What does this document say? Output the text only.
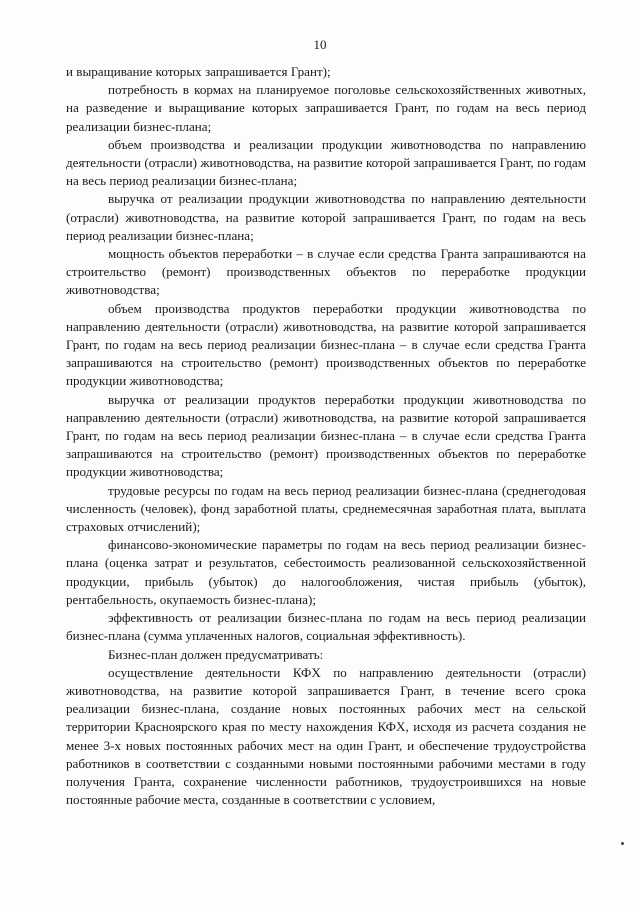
10

и выращивание которых запрашивается Грант);

потребность в кормах на планируемое поголовье сельскохозяйственных животных, на разведение и выращивание которых запрашивается Грант, по годам на весь период реализации бизнес-плана;

объем производства и реализации продукции животноводства по направлению деятельности (отрасли) животноводства, на развитие которой запрашивается Грант, по годам на весь период реализации бизнес-плана;

выручка от реализации продукции животноводства по направлению деятельности (отрасли) животноводства, на развитие которой запрашивается Грант, по годам на весь период реализации бизнес-плана;

мощность объектов переработки – в случае если средства Гранта запрашиваются на строительство (ремонт) производственных объектов по переработке продукции животноводства;

объем производства продуктов переработки продукции животноводства по направлению деятельности (отрасли) животноводства, на развитие которой запрашивается Грант, по годам на весь период реализации бизнес-плана – в случае если средства Гранта запрашиваются на строительство (ремонт) производственных объектов по переработке продукции животноводства;

выручка от реализации продуктов переработки продукции животноводства по направлению деятельности (отрасли) животноводства, на развитие которой запрашивается Грант, по годам на весь период реализации бизнес-плана – в случае если средства Гранта запрашиваются на строительство (ремонт) производственных объектов по переработке продукции животноводства;

трудовые ресурсы по годам на весь период реализации бизнес-плана (среднегодовая численность (человек), фонд заработной платы, среднемесячная заработная плата, выплата страховых отчислений);

финансово-экономические параметры по годам на весь период реализации бизнес-плана (оценка затрат и результатов, себестоимость реализованной сельскохозяйственной продукции, прибыль (убыток) до налогообложения, чистая прибыль (убыток), рентабельность, окупаемость бизнес-плана);

эффективность от реализации бизнес-плана по годам на весь период реализации бизнес-плана (сумма уплаченных налогов, социальная эффективность).

Бизнес-план должен предусматривать:

осуществление деятельности КФХ по направлению деятельности (отрасли) животноводства, на развитие которой запрашивается Грант, в течение всего срока реализации бизнес-плана, создание новых постоянных рабочих мест на сельской территории Красноярского края по месту нахождения КФХ, исходя из расчета создания не менее 3-х новых постоянных рабочих мест на один Грант, и обеспечение трудоустройства работников в соответствии с созданными новыми постоянными рабочими местами в году получения Гранта, сохранение численности работников, трудоустроившихся на новые постоянные рабочие места, созданные в соответствии с условием,
